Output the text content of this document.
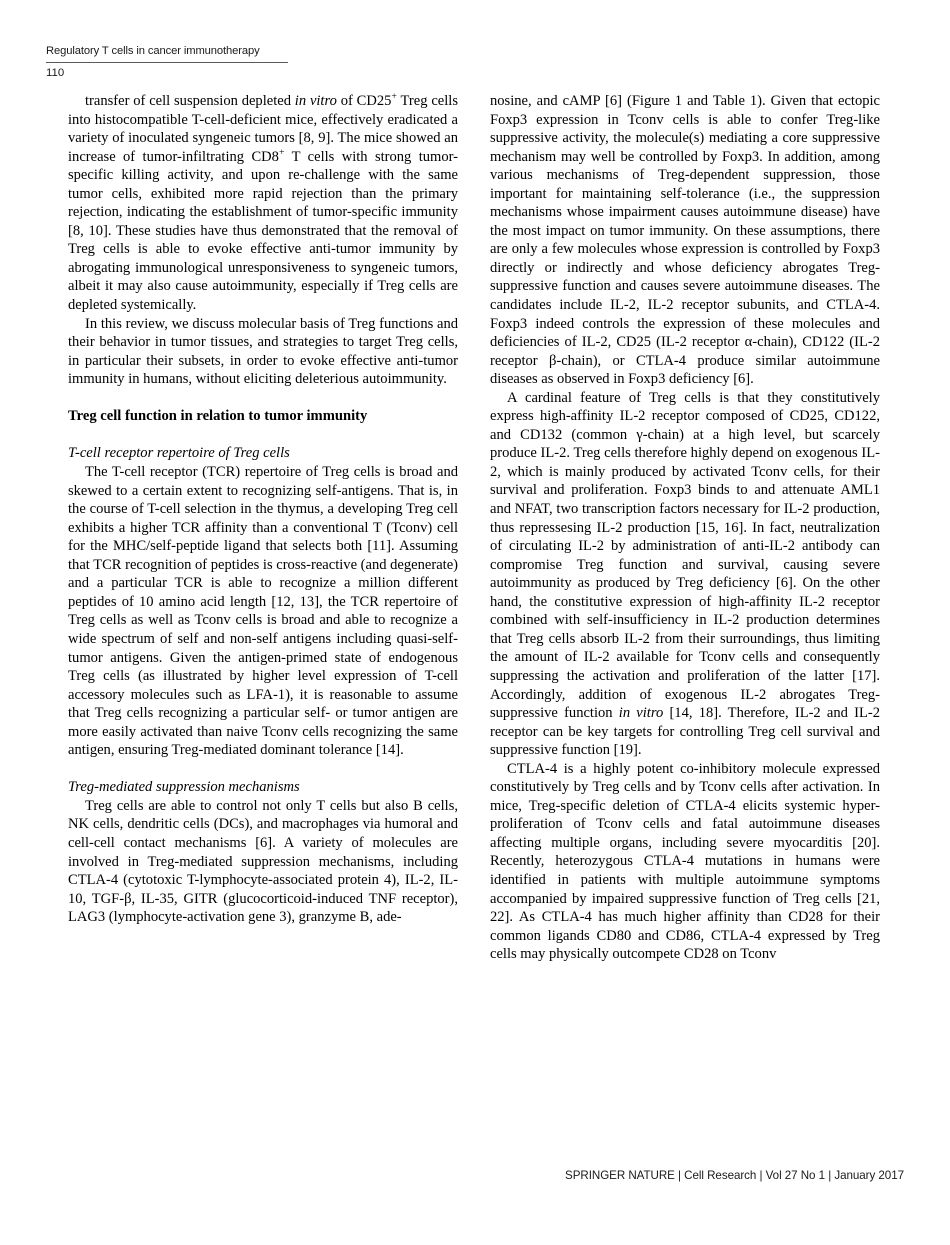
Regulatory T cells in cancer immunotherapy
110

transfer of cell suspension depleted in vitro of CD25+ Treg cells into histocompatible T-cell-deficient mice, effectively eradicated a variety of inoculated syngeneic tumors [8, 9]. The mice showed an increase of tumor-in​filtrating CD8+ T cells with strong tumor-specific killing activity, and upon re-challenge with the same tumor cells, exhibited more rapid rejection than the primary rejection, indicating the establishment of tumor-specific immunity [8, 10]. These studies have thus demonstrated that the removal of Treg cells is able to evoke effective anti-tumor immunity by abrogating immunological un​responsiveness to syngeneic tumors, albeit it may also cause autoimmunity, especially if Treg cells are depleted systemically.

In this review, we discuss molecular basis of Treg functions and their behavior in tumor tissues, and strategies to target Treg cells, in particular their subsets, in order to evoke effective anti-tumor immunity in humans, without eliciting deleterious autoimmunity.

Treg cell function in relation to tumor immunity
T-cell receptor repertoire of Treg cells

The T-cell receptor (TCR) repertoire of Treg cells is broad and skewed to a certain extent to recognizing self-antigens. That is, in the course of T-cell selection in the thymus, a developing Treg cell exhibits a higher TCR affinity than a conventional T (Tconv) cell for the MHC/self-peptide ligand that selects both [11]. Assuming that TCR recognition of peptides is cross-reactive (and degenerate) and a particular TCR is able to recognize a million different peptides of 10 amino acid length [12, 13], the TCR repertoire of Treg cells as well as Tconv cells is broad and able to recognize a wide spectrum of self and non-self antigens including quasi-self-tumor antigens. Given the antigen-primed state of endogenous Treg cells (as illustrated by higher level expression of T-cell accessory molecules such as LFA-1), it is reasonable to assume that Treg cells recognizing a particular self- or tumor antigen are more easily activated than naive Tconv cells recognizing the same antigen, ensuring Treg-mediated dominant tolerance [14].

Treg-mediated suppression mechanisms

Treg cells are able to control not only T cells but also B cells, NK cells, dendritic cells (DCs), and macrophages via humoral and cell-cell contact mechanisms [6]. A variety of molecules are involved in Treg-mediated suppression mechanisms, including CTLA-4 (cytotoxic T-lymphocyte-associated protein 4), IL-2, IL-10, TGF-β, IL-35, GITR (glucocorticoid-induced TNF receptor), LAG3 (lymphocyte-activation gene 3), granzyme B, ade-

nosine, and cAMP [6] (Figure 1 and Table 1). Given that ectopic Foxp3 expression in Tconv cells is able to confer Treg-like suppressive activity, the molecule(s) mediating a core suppressive mechanism may well be controlled by Foxp3. In addition, among various mechanisms of Treg-dependent suppression, those important for maintaining self-tolerance (i.e., the suppression mechanisms whose impairment causes autoimmune disease) have the most impact on tumor immunity. On these assumptions, there are only a few molecules whose expression is controlled by Foxp3 directly or indirectly and whose deficiency abrogates Treg-suppressive function and causes severe autoimmune diseases. The candidates include IL-2, IL-2 receptor subunits, and CTLA-4. Foxp3 indeed controls the expression of these molecules and deficiencies of IL-2, CD25 (IL-2 receptor α-chain), CD122 (IL-2 receptor β-chain), or CTLA-4 produce similar autoimmune diseases as observed in Foxp3 deficiency [6].

A cardinal feature of Treg cells is that they constitutively express high-affinity IL-2 receptor composed of CD25, CD122, and CD132 (common γ-chain) at a high level, but scarcely produce IL-2. Treg cells therefore highly depend on exogenous IL-2, which is mainly produced by activated Tconv cells, for their survival and proliferation. Foxp3 binds to and attenuate AML1 and NFAT, two transcription factors necessary for IL-2 production, thus repressesing IL-2 production [15, 16]. In fact, neutralization of circulating IL-2 by administration of anti-IL-2 antibody can compromise Treg function and survival, causing severe autoimmunity as produced by Treg deficiency [6]. On the other hand, the constitutive expression of high-affinity IL-2 receptor combined with self-insufficiency in IL-2 production determines that Treg cells absorb IL-2 from their surroundings, thus limiting the amount of IL-2 available for Tconv cells and consequently suppressing the activation and proliferation of the latter [17]. Accordingly, addition of exogenous IL-2 abrogates Treg-suppressive function in vitro [14, 18]. Therefore, IL-2 and IL-2 receptor can be key targets for controlling Treg cell survival and suppressive function [19].

CTLA-4 is a highly potent co-inhibitory molecule expressed constitutively by Treg cells and by Tconv cells after activation. In mice, Treg-specific deletion of CTLA-4 elicits systemic hyper-proliferation of Tconv cells and fatal autoimmune diseases affecting multiple organs, including severe myocarditis [20]. Recently, heterozygous CTLA-4 mutations in humans were identified in patients with multiple autoimmune symptoms accompanied by impaired suppressive function of Treg cells [21, 22]. As CTLA-4 has much higher affinity than CD28 for their common ligands CD80 and CD86, CTLA-4 expressed by Treg cells may physically outcompete CD28 on Tconv

SPRINGER NATURE | Cell Research | Vol 27 No 1 | January 2017
